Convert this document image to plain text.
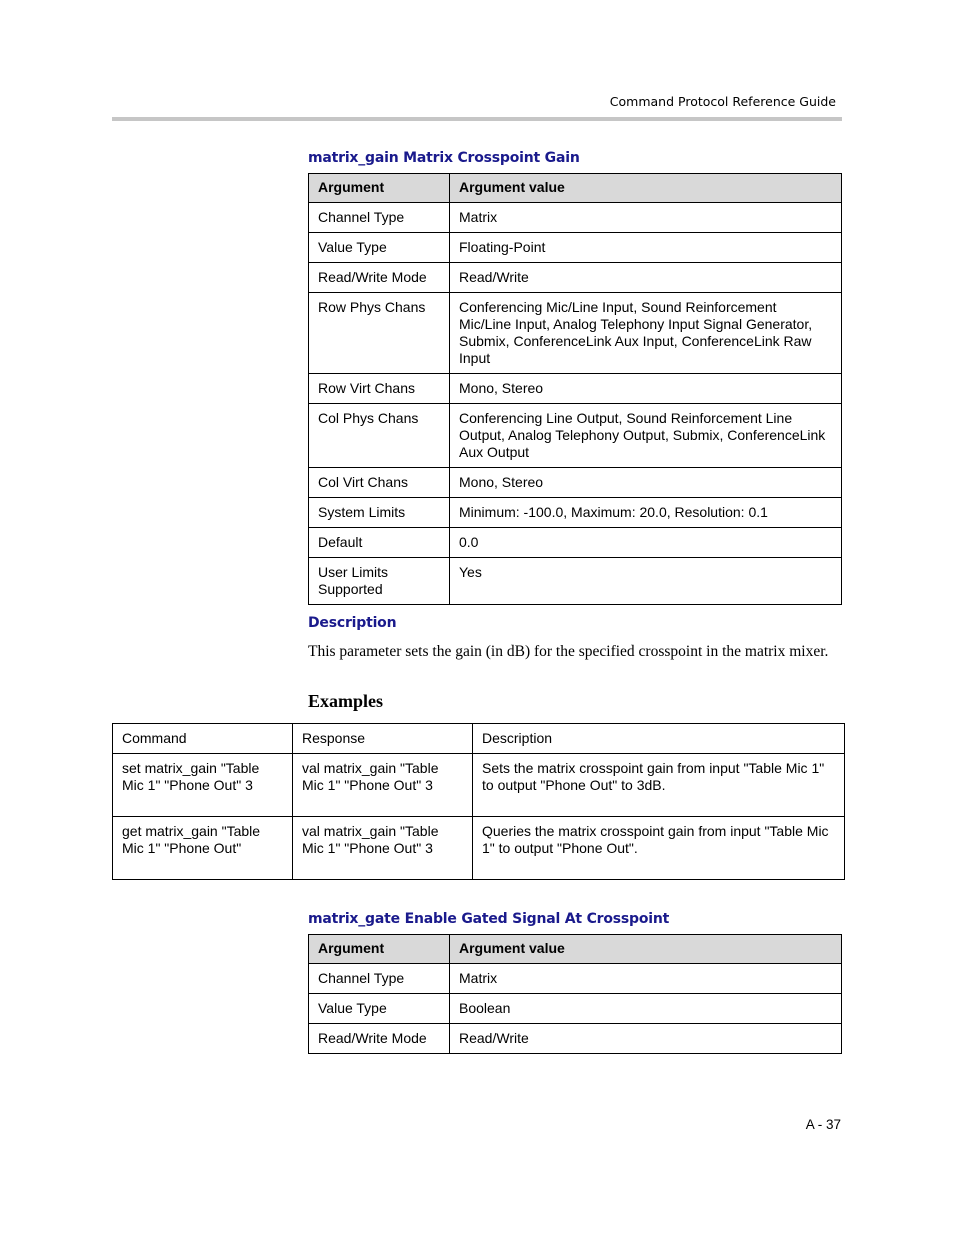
Command Protocol Reference Guide
matrix_gain Matrix Crosspoint Gain
Argument	Argument value
Channel Type	Matrix
Value Type	Floating-Point
Read/Write Mode	Read/Write
Row Phys Chans	Conferencing Mic/Line Input, Sound Reinforcement Mic/Line Input, Analog Telephony Input Signal Generator, Submix, ConferenceLink Aux Input, ConferenceLink Raw Input
Row Virt Chans	Mono, Stereo
Col Phys Chans	Conferencing Line Output, Sound Reinforcement Line Output, Analog Telephony Output, Submix, ConferenceLink Aux Output
Col Virt Chans	Mono, Stereo
System Limits	Minimum: -100.0, Maximum: 20.0, Resolution: 0.1
Default	0.0
User Limits Supported	Yes
Description
This parameter sets the gain (in dB) for the specified crosspoint in the matrix mixer.
Examples
Command	Response	Description
set matrix_gain "Table Mic 1" "Phone Out" 3	val matrix_gain "Table Mic 1" "Phone Out" 3	Sets the matrix crosspoint gain from input "Table Mic 1" to output "Phone Out" to 3dB.
get matrix_gain "Table Mic 1" "Phone Out"	val matrix_gain "Table Mic 1" "Phone Out" 3	Queries the matrix crosspoint gain from input "Table Mic 1" to output "Phone Out".
matrix_gate Enable Gated Signal At Crosspoint
Argument	Argument value
Channel Type	Matrix
Value Type	Boolean
Read/Write Mode	Read/Write
A - 37
